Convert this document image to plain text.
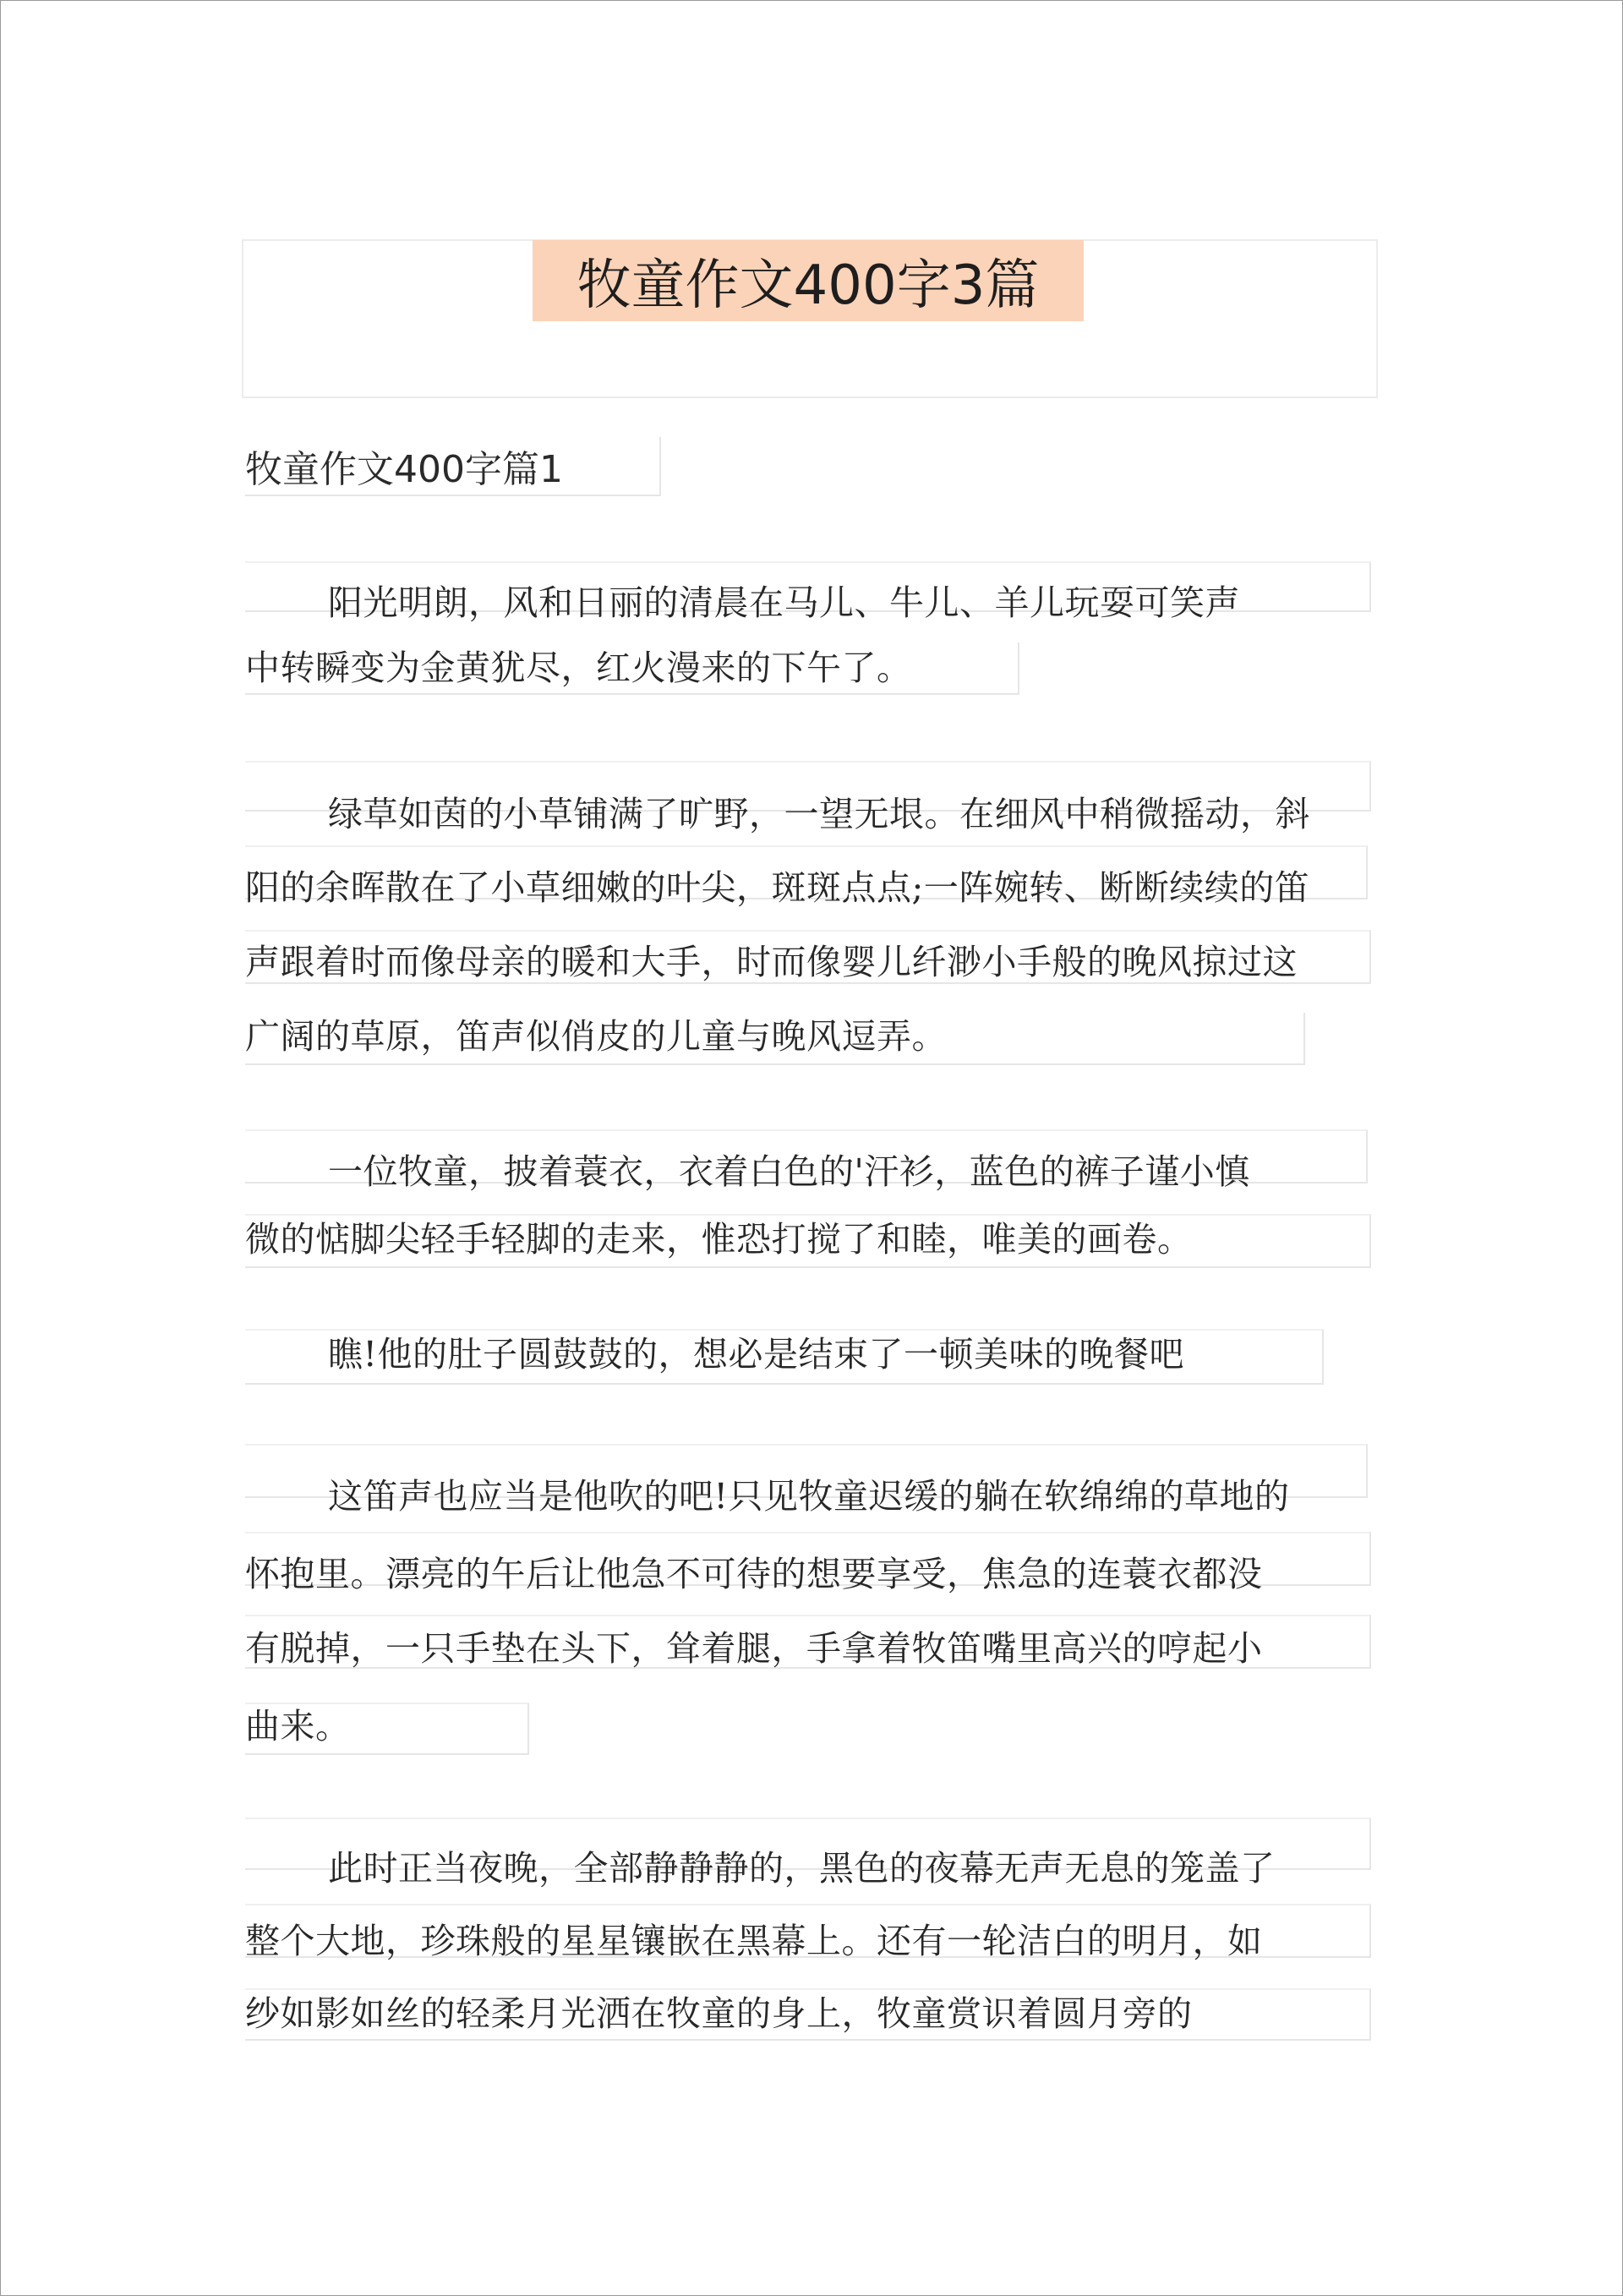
牧童作文400字3篇
牧童作文400字篇1
阳光明朗，风和日丽的清晨在马儿、牛儿、羊儿玩耍可笑声
中转瞬变为金黄犹尽，红火漫来的下午了。
绿草如茵的小草铺满了旷野，一望无垠。在细风中稍微摇动，斜
阳的余晖散在了小草细嫩的叶尖，斑斑点点;一阵婉转、断断续续的笛
声跟着时而像母亲的暖和大手，时而像婴儿纤渺小手般的晚风掠过这
广阔的草原，笛声似俏皮的儿童与晚风逗弄。
一位牧童，披着蓑衣，衣着白色的'汗衫，蓝色的裤子谨小慎
微的惦脚尖轻手轻脚的走来，惟恐打搅了和睦，唯美的画卷。
瞧!他的肚子圆鼓鼓的，想必是结束了一顿美味的晚餐吧
这笛声也应当是他吹的吧!只见牧童迟缓的躺在软绵绵的草地的
怀抱里。漂亮的午后让他急不可待的想要享受，焦急的连蓑衣都没
有脱掉，一只手垫在头下，耸着腿，手拿着牧笛嘴里高兴的哼起小
曲来。
此时正当夜晚，全部静静静的，黑色的夜幕无声无息的笼盖了
整个大地，珍珠般的星星镶嵌在黑幕上。还有一轮洁白的明月，如
纱如影如丝的轻柔月光洒在牧童的身上，牧童赏识着圆月旁的
